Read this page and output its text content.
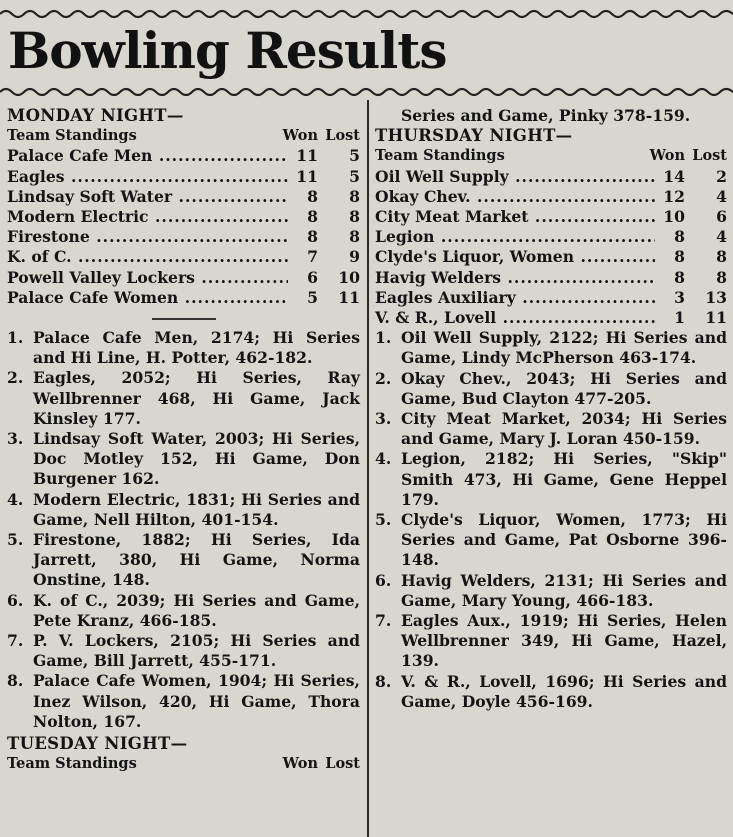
Bowling Results
MONDAY NIGHT—
Team Standings	Won Lost
Palace Cafe Men .....	11	5
Eagles .....	11	5
Lindsay Soft Water .....	8	8
Modern Electric .....	8	8
Firestone .....	8	8
K. of C. .....	7	9
Powell Valley Lockers .....	6	10
Palace Cafe Women .....	5	11
1. Palace Cafe Men, 2174; Hi Series and Hi Line, H. Potter, 462-182.
2. Eagles, 2052; Hi Series, Ray Wellbrenner 468, Hi Game, Jack Kinsley 177.
3. Lindsay Soft Water, 2003; Hi Series, Doc Motley 152, Hi Game, Don Burgener 162.
4. Modern Electric, 1831; Hi Series and Game, Nell Hilton, 401-154.
5. Firestone, 1882; Hi Series, Ida Jarrett, 380, Hi Game, Norma Onstine, 148.
6. K. of C., 2039; Hi Series and Game, Pete Kranz, 466-185.
7. P. V. Lockers, 2105; Hi Series and Game, Bill Jarrett, 455-171.
8. Palace Cafe Women, 1904; Hi Series, Inez Wilson, 420, Hi Game, Thora Nolton, 167.
TUESDAY NIGHT—
Team Standings	Won Lost
Series and Game, Pinky 378-159.
THURSDAY NIGHT—
Team Standings	Won Lost
Oil Well Supply .....	14	2
Okay Chev. .....	12	4
City Meat Market .....	10	6
Legion .....	8	4
Clyde's Liquor, Women .....	8	8
Havig Welders .....	8	8
Eagles Auxiliary .....	3	13
V. & R., Lovell .....	1	11
1. Oil Well Supply, 2122; Hi Series and Game, Lindy McPherson 463-174.
2. Okay Chev., 2043; Hi Series and Game, Bud Clayton 477-205.
3. City Meat Market, 2034; Hi Series and Game, Mary J. Loran 450-159.
4. Legion, 2182; Hi Series, "Skip" Smith 473, Hi Game, Gene Heppel 179.
5. Clyde's Liquor, Women, 1773; Hi Series and Game, Pat Osborne 396-148.
6. Havig Welders, 2131; Hi Series and Game, Mary Young, 466-183.
7. Eagles Aux., 1919; Hi Series, Helen Wellbrenner 349, Hi Game, Hazel, 139.
8. V. & R., Lovell, 1696; Hi Series and Game, Doyle 456-169.
